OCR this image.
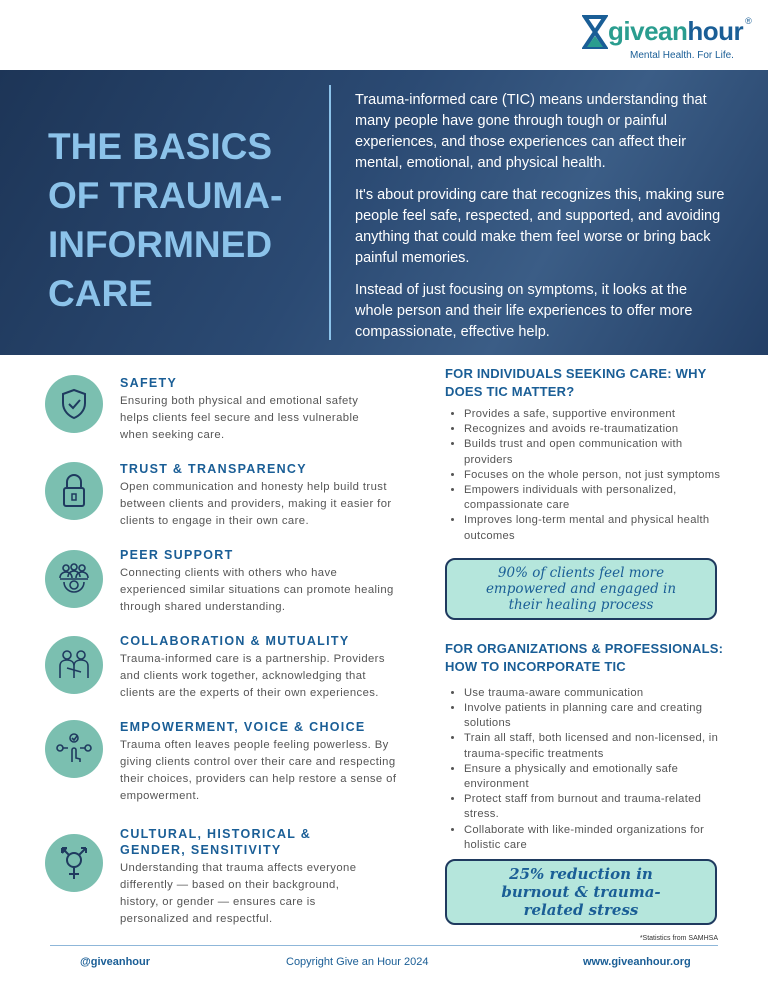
giveanhour ®
Mental Health. For Life.
THE BASICS OF TRAUMA-INFORMNED CARE
Trauma-informed care (TIC) means understanding that many people have gone through tough or painful experiences, and those experiences can affect their mental, emotional, and physical health.
It's about providing care that recognizes this, making sure people feel safe, respected, and supported, and avoiding anything that could make them feel worse or bring back painful memories.
Instead of just focusing on symptoms, it looks at the whole person and their life experiences to offer more compassionate, effective help.
SAFETY
Ensuring both physical and emotional safety helps clients feel secure and less vulnerable when seeking care.
TRUST & TRANSPARENCY
Open communication and honesty help build trust between clients and providers, making it easier for clients to engage in their own care.
PEER SUPPORT
Connecting clients with others who have experienced similar situations can promote healing through shared understanding.
COLLABORATION & MUTUALITY
Trauma-informed care is a partnership. Providers and clients work together, acknowledging that clients are the experts of their own experiences.
EMPOWERMENT, VOICE & CHOICE
Trauma often leaves people feeling powerless. By giving clients control over their care and respecting their choices, providers can help restore a sense of empowerment.
CULTURAL, HISTORICAL & GENDER, SENSITIVITY
Understanding that trauma affects everyone differently — based on their background, history, or gender — ensures care is personalized and respectful.
FOR INDIVIDUALS SEEKING CARE: WHY DOES TIC MATTER?
• Provides a safe, supportive environment
• Recognizes and avoids re-traumatization
• Builds trust and open communication with providers
• Focuses on the whole person, not just symptoms
• Empowers individuals with personalized, compassionate care
• Improves long-term mental and physical health outcomes
90% of clients feel more empowered and engaged in their healing process
FOR ORGANIZATIONS & PROFESSIONALS: HOW TO INCORPORATE TIC
• Use trauma-aware communication
• Involve patients in planning care and creating solutions
• Train all staff, both licensed and non-licensed, in trauma-specific treatments
• Ensure a physically and emotionally safe environment
• Protect staff from burnout and trauma-related stress.
• Collaborate with like-minded organizations for holistic care
25% reduction in burnout & trauma-related stress
*Statistics from SAMHSA
@giveanhour	Copyright Give an Hour 2024	www.giveanhour.org
